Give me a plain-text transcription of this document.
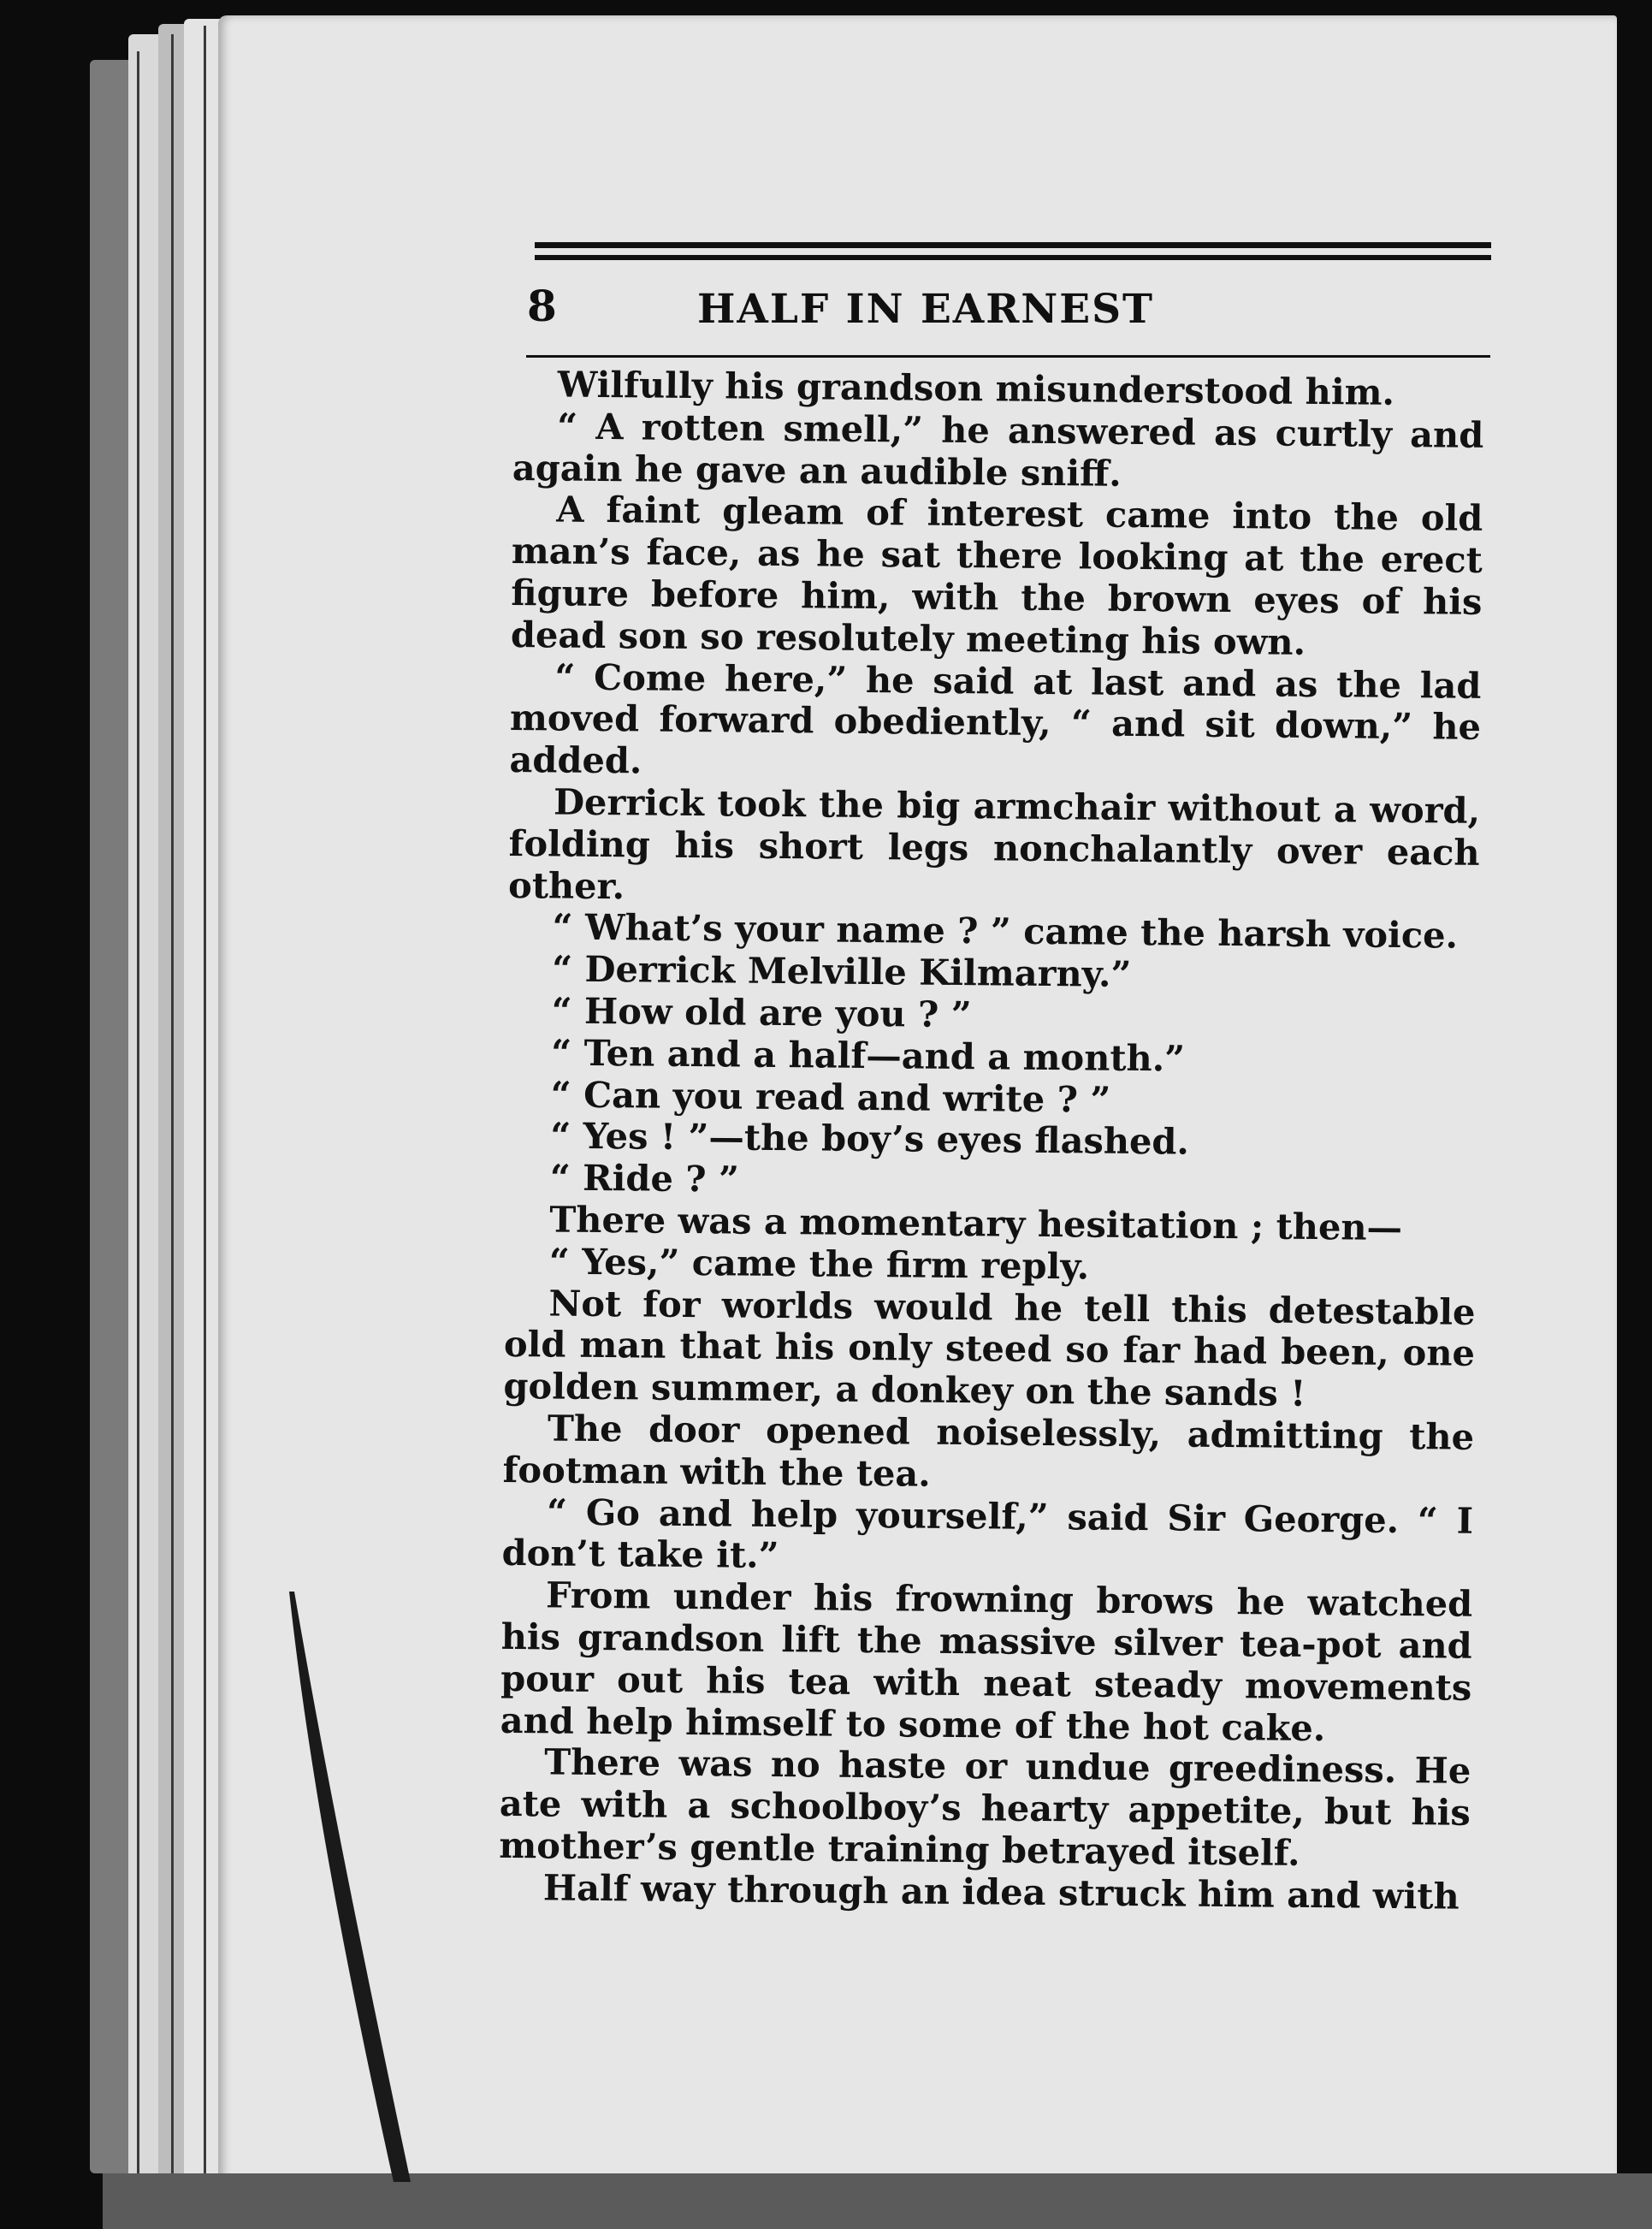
8	HALF IN EARNEST

Wilfully his grandson misunderstood him.

“ A rotten smell,” he answered as curtly and again he gave an audible sniff.

A faint gleam of interest came into the old man’s face, as he sat there looking at the erect figure before him, with the brown eyes of his dead son so resolutely meeting his own.

“ Come here,” he said at last and as the lad moved forward obediently, “ and sit down,” he added.

Derrick took the big armchair without a word, folding his short legs nonchalantly over each other.

“ What’s your name ? ” came the harsh voice.

“ Derrick Melville Kilmarny.”

“ How old are you ? ”

“ Ten and a half—and a month.”

“ Can you read and write ? ”

“ Yes ! ”—the boy’s eyes flashed.

“ Ride ? ”

There was a momentary hesitation ; then—

“ Yes,” came the firm reply.

Not for worlds would he tell this detestable old man that his only steed so far had been, one golden summer, a donkey on the sands !

The door opened noiselessly, admitting the footman with the tea.

“ Go and help yourself,” said Sir George. “ I don’t take it.”

From under his frowning brows he watched his grandson lift the massive silver tea-pot and pour out his tea with neat steady movements and help himself to some of the hot cake.

There was no haste or undue greediness. He ate with a schoolboy’s hearty appetite, but his mother’s gentle training betrayed itself.

Half way through an idea struck him and with
